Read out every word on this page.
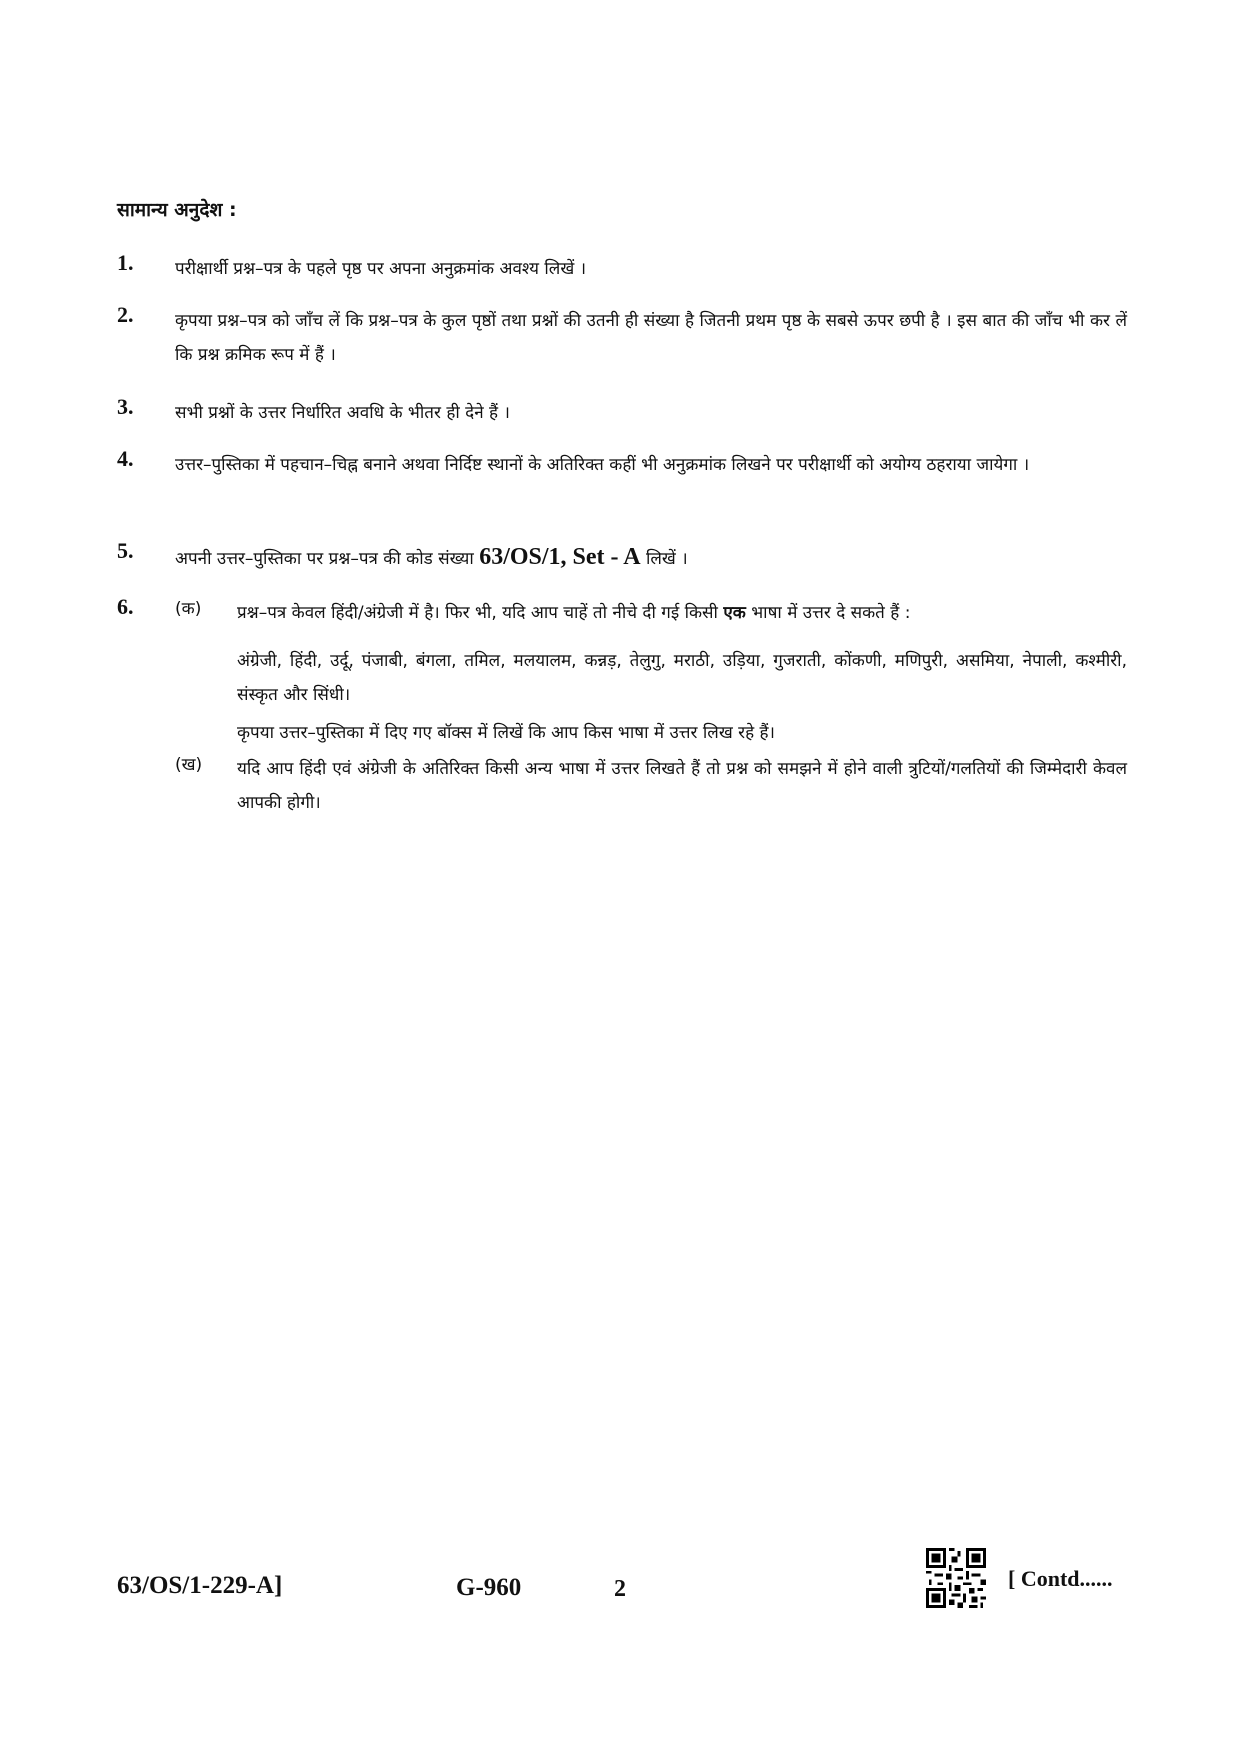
सामान्य अनुदेश :
1. परीक्षार्थी प्रश्न–पत्र के पहले पृष्ठ पर अपना अनुक्रमांक अवश्य लिखें ।
2. कृपया प्रश्न–पत्र को जाँच लें कि प्रश्न–पत्र के कुल पृष्ठों तथा प्रश्नों की उतनी ही संख्या है जितनी प्रथम पृष्ठ के सबसे ऊपर छपी है । इस बात की जाँच भी कर लें कि प्रश्न क्रमिक रूप में हैं ।
3. सभी प्रश्नों के उत्तर निर्धारित अवधि के भीतर ही देने हैं ।
4. उत्तर–पुस्तिका में पहचान–चिह्न बनाने अथवा निर्दिष्ट स्थानों के अतिरिक्त कहीं भी अनुक्रमांक लिखने पर परीक्षार्थी को अयोग्य ठहराया जायेगा ।
5. अपनी उत्तर–पुस्तिका पर प्रश्न–पत्र की कोड संख्या 63/OS/1, Set - A लिखें ।
6. (क) प्रश्न–पत्र केवल हिंदी/अंग्रेजी में है। फिर भी, यदि आप चाहें तो नीचे दी गई किसी एक भाषा में उत्तर दे सकते हैं :
अंग्रेजी, हिंदी, उर्दू, पंजाबी, बंगला, तमिल, मलयालम, कन्नड़, तेलुगु, मराठी, उड़िया, गुजराती, कोंकणी, मणिपुरी, असमिया, नेपाली, कश्मीरी, संस्कृत और सिंधी।
कृपया उत्तर–पुस्तिका में दिए गए बॉक्स में लिखें कि आप किस भाषा में उत्तर लिख रहे हैं।
(ख) यदि आप हिंदी एवं अंग्रेजी के अतिरिक्त किसी अन्य भाषा में उत्तर लिखते हैं तो प्रश्न को समझने में होने वाली त्रुटियों/गलतियों की जिम्मेदारी केवल आपकी होगी।
63/OS/1-229-A]	G-960	2	[ Contd......
